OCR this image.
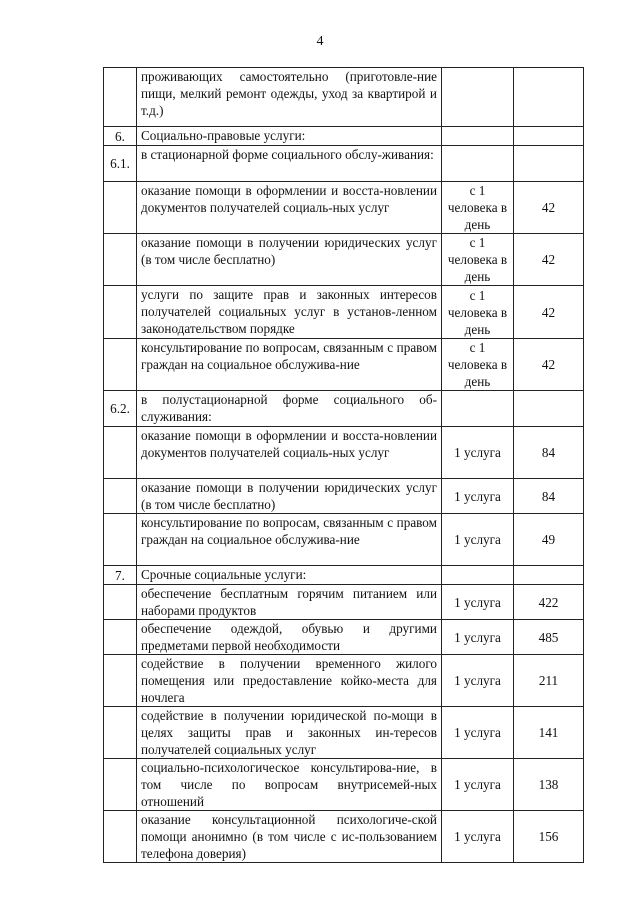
4
	проживающих самостоятельно (приготовле-ние пищи, мелкий ремонт одежды, уход за квартирой и т.д.)		
6.	Социально-правовые услуги:		
6.1.	в стационарной форме социального обслу-живания:		
	оказание помощи в оформлении и восста-новлении документов получателей социаль-ных услуг	с 1 человека в день	42
	оказание помощи в получении юридических услуг (в том числе бесплатно)	с 1 человека в день	42
	услуги по защите прав и законных интересов получателей социальных услуг в установ-ленном законодательством порядке	с 1 человека в день	42
	консультирование по вопросам, связанным с правом граждан на социальное обслужива-ние	с 1 человека в день	42
6.2.	в полустационарной форме социального об-служивания:		
	оказание помощи в оформлении и восста-новлении документов получателей социаль-ных услуг	1 услуга	84
	оказание помощи в получении юридических услуг (в том числе бесплатно)	1 услуга	84
	консультирование по вопросам, связанным с правом граждан на социальное обслужива-ние	1 услуга	49
7.	Срочные социальные услуги:		
	обеспечение бесплатным горячим питанием или наборами продуктов	1 услуга	422
	обеспечение одеждой, обувью и другими предметами первой необходимости	1 услуга	485
	содействие в получении временного жилого помещения или предоставление койко-места для ночлега	1 услуга	211
	содействие в получении юридической по-мощи в целях защиты прав и законных ин-тересов получателей социальных услуг	1 услуга	141
	социально-психологическое консультирова-ние, в том числе по вопросам внутрисемей-ных отношений	1 услуга	138
	оказание консультационной психологиче-ской помощи анонимно (в том числе с ис-пользованием телефона доверия)	1 услуга	156
